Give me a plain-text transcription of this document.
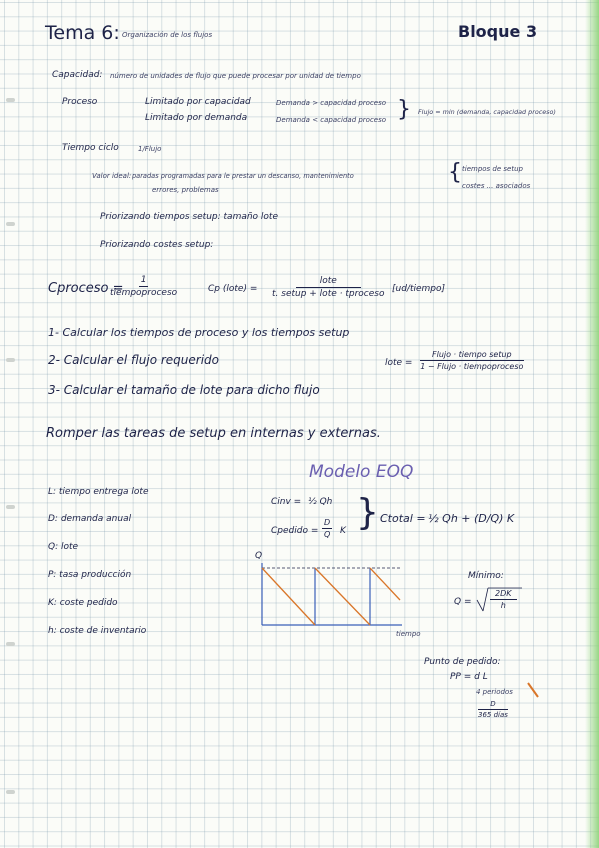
Tema 6: Organización de los flujos	Bloque 3
Capacidad: número de unidades de flujo que puede procesar por unidad de tiempo
Proceso	Limitado por capacidad
Limitado por demanda
Demanda > capacidad proceso
Demanda < capacidad proceso } Flujo = min (demanda, capacidad proceso)
Tiempo ciclo	1/Flujo
Valor ideal: paradas programadas para le prestar un descanso, mantenimiento
errores, problemas
{ tiempos de setup
costes ... asociados
Priorizando tiempos setup: tamaño lote
Priorizando costes setup:
Cproceso =
1
tiempoproceso	Cp (lote) =
lote
t. setup + lote · tproceso [ud/tiempo]
1- Calcular los tiempos de proceso y los tiempos setup
2- Calcular el flujo requerido
3- Calcular el tamaño de lote para dicho flujo
lote =
Flujo · tiempo setup
1 − Flujo · tiempoproceso
Romper las tareas de setup en internas y externas.
Modelo EOQ
L: tiempo entrega lote
D: demanda anual
Q: lote
P: tasa producción
K: coste pedido
h: coste de inventario
Cinv = ½ Qh
Cpedido = $\frac{D}{Q}$ K } Ctotal = ½ Qh + (D/Q) K
Q
tiempo
Mínimo:
$Q = \frac{2DK}{h}$
Punto de pedido:
PP = d L
4 periodos
D
365 días
